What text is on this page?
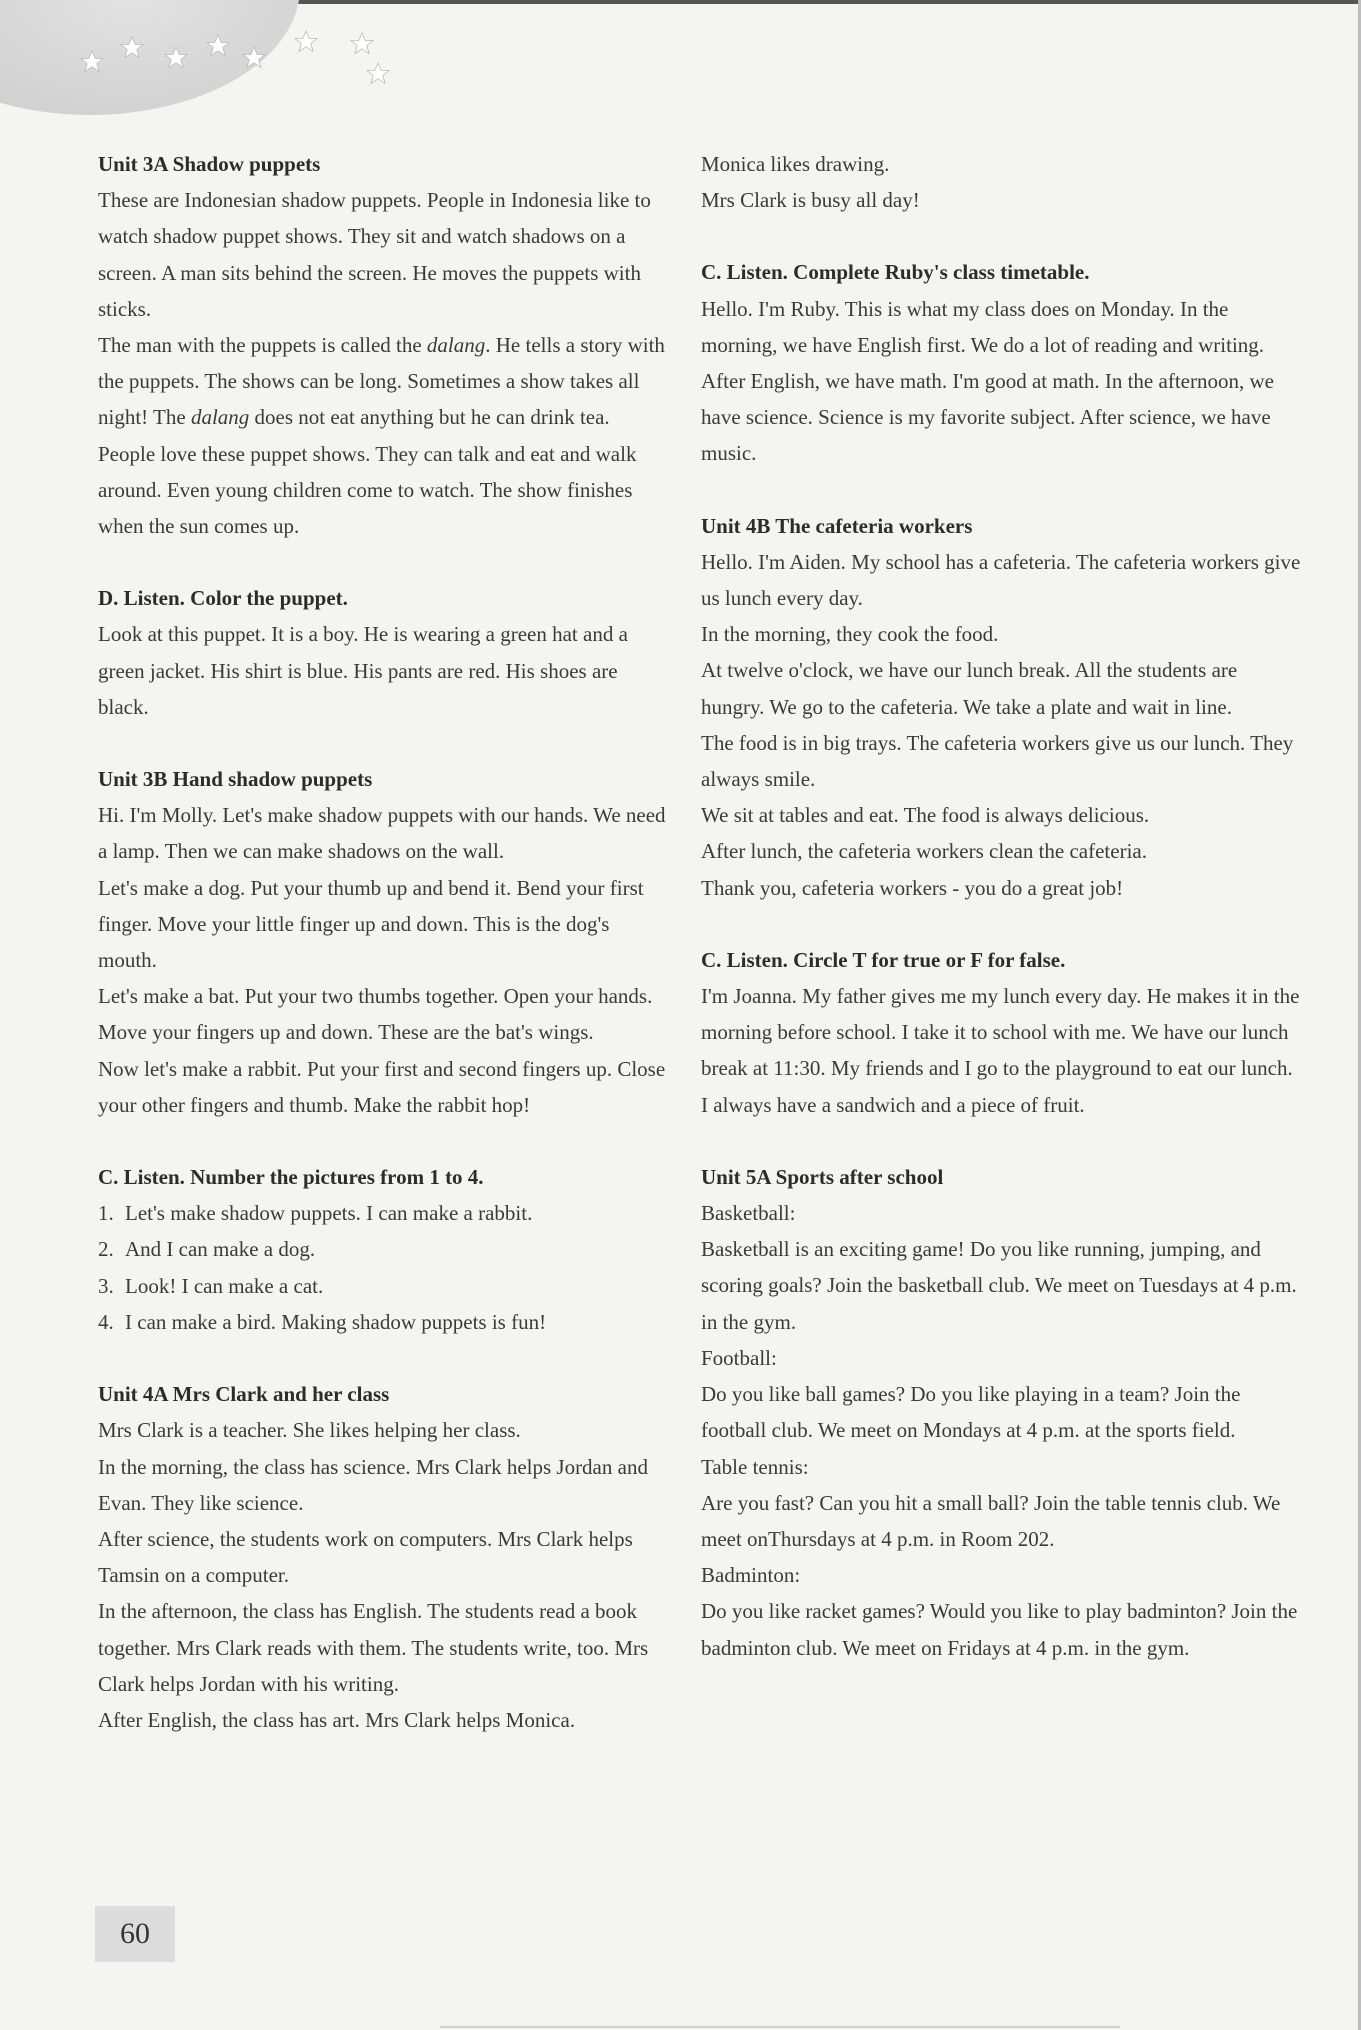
Unit 3A Shadow puppets
These are Indonesian shadow puppets. People in Indonesia like to watch shadow puppet shows. They sit and watch shadows on a screen. A man sits behind the screen. He moves the puppets with sticks.
The man with the puppets is called the dalang. He tells a story with the puppets. The shows can be long. Sometimes a show takes all night! The dalang does not eat anything but he can drink tea.
People love these puppet shows. They can talk and eat and walk around. Even young children come to watch. The show finishes when the sun comes up.
D. Listen. Color the puppet.
Look at this puppet. It is a boy. He is wearing a green hat and a green jacket. His shirt is blue. His pants are red. His shoes are black.
Unit 3B Hand shadow puppets
Hi. I'm Molly. Let's make shadow puppets with our hands. We need a lamp. Then we can make shadows on the wall.
Let's make a dog. Put your thumb up and bend it. Bend your first finger. Move your little finger up and down. This is the dog's mouth.
Let's make a bat. Put your two thumbs together. Open your hands. Move your fingers up and down. These are the bat's wings.
Now let's make a rabbit. Put your first and second fingers up. Close your other fingers and thumb. Make the rabbit hop!
C. Listen. Number the pictures from 1 to 4.
1. Let's make shadow puppets. I can make a rabbit.
2. And I can make a dog.
3. Look! I can make a cat.
4. I can make a bird. Making shadow puppets is fun!
Unit 4A Mrs Clark and her class
Mrs Clark is a teacher. She likes helping her class.
In the morning, the class has science. Mrs Clark helps Jordan and Evan. They like science.
After science, the students work on computers. Mrs Clark helps Tamsin on a computer.
In the afternoon, the class has English. The students read a book together. Mrs Clark reads with them. The students write, too. Mrs Clark helps Jordan with his writing.
After English, the class has art. Mrs Clark helps Monica.
Monica likes drawing.
Mrs Clark is busy all day!
C. Listen. Complete Ruby's class timetable.
Hello. I'm Ruby. This is what my class does on Monday. In the morning, we have English first. We do a lot of reading and writing. After English, we have math. I'm good at math. In the afternoon, we have science. Science is my favorite subject. After science, we have music.
Unit 4B The cafeteria workers
Hello. I'm Aiden. My school has a cafeteria. The cafeteria workers give us lunch every day.
In the morning, they cook the food.
At twelve o'clock, we have our lunch break. All the students are hungry. We go to the cafeteria. We take a plate and wait in line.
The food is in big trays. The cafeteria workers give us our lunch. They always smile.
We sit at tables and eat. The food is always delicious.
After lunch, the cafeteria workers clean the cafeteria.
Thank you, cafeteria workers - you do a great job!
C. Listen. Circle T for true or F for false.
I'm Joanna. My father gives me my lunch every day. He makes it in the morning before school. I take it to school with me. We have our lunch break at 11:30. My friends and I go to the playground to eat our lunch. I always have a sandwich and a piece of fruit.
Unit 5A Sports after school
Basketball:
Basketball is an exciting game! Do you like running, jumping, and scoring goals? Join the basketball club. We meet on Tuesdays at 4 p.m. in the gym.
Football:
Do you like ball games? Do you like playing in a team? Join the football club. We meet on Mondays at 4 p.m. at the sports field.
Table tennis:
Are you fast? Can you hit a small ball? Join the table tennis club. We meet onThursdays at 4 p.m. in Room 202.
Badminton:
Do you like racket games? Would you like to play badminton? Join the badminton club. We meet on Fridays at 4 p.m. in the gym.
60
